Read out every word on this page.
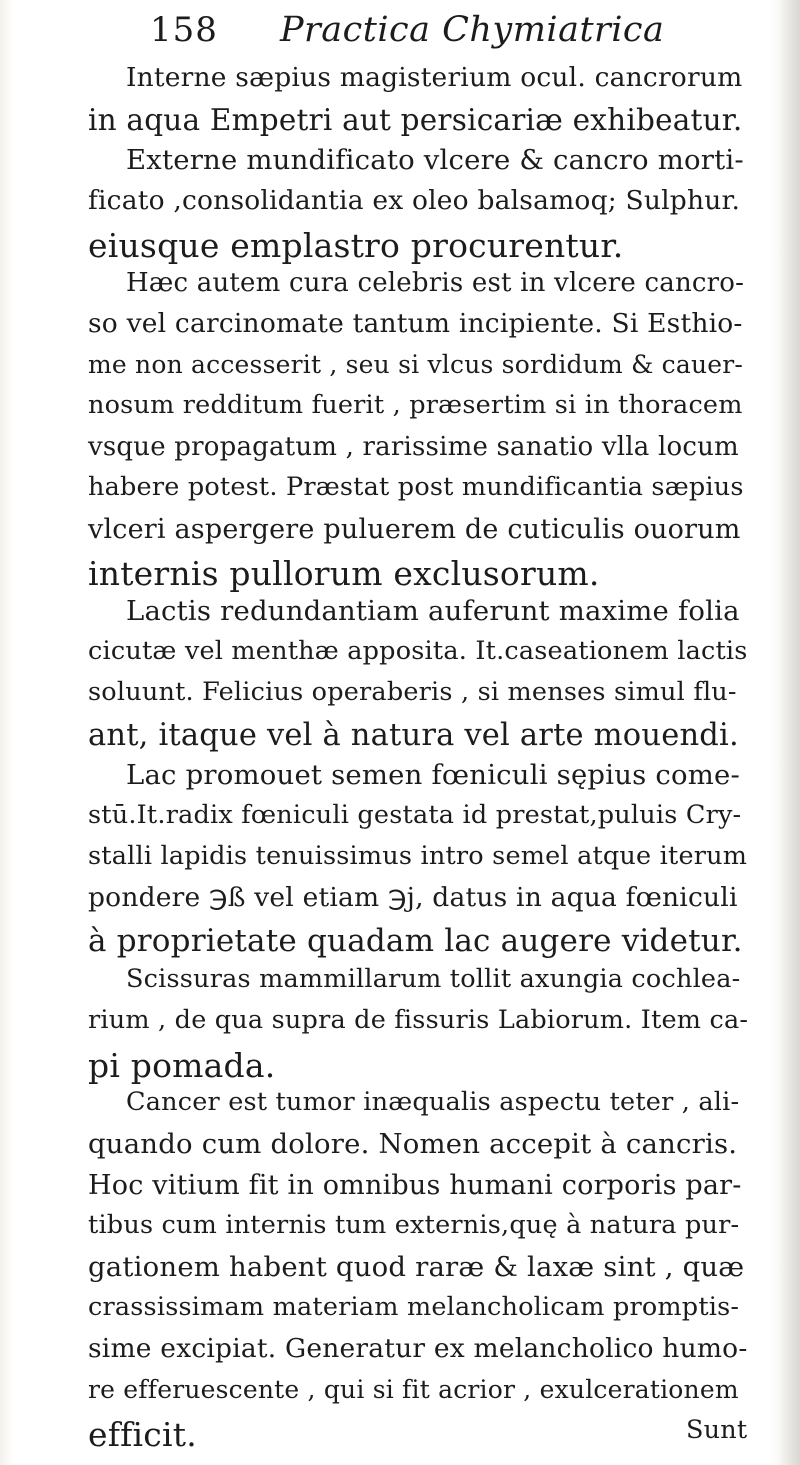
158 Practica Chymiatrica
Interne sæpius magisterium ocul. cancrorum
in aqua Empetri aut persicariæ exhibeatur.
Externe mundificato vlcere & cancro morti-
ficato ,consolidantia ex oleo balsamoq; Sulphur.
eiusque emplastro procurentur.
Hæc autem cura celebris est in vlcere cancro-
so vel carcinomate tantum incipiente. Si Esthio-
me non accesserit , seu si vlcus sordidum & cauer-
nosum redditum fuerit , præsertim si in thoracem
vsque propagatum , rarissime sanatio vlla locum
habere potest. Præstat post mundificantia sæpius
vlceri aspergere puluerem de cuticulis ouorum
internis pullorum exclusorum.
Lactis redundantiam auferunt maxime folia
cicutæ vel menthæ apposita. It.caseationem lactis
soluunt. Felicius operaberis , si menses simul flu-
ant, itaque vel à natura vel arte mouendi.
Lac promouet semen fœniculi sępius come-
stū.It.radix fœniculi gestata id prestat,puluis Cry-
stalli lapidis tenuissimus intro semel atque iterum
pondere ℈ß vel etiam ℈j, datus in aqua fœniculi
à proprietate quadam lac augere videtur.
Scissuras mammillarum tollit axungia cochlea-
rium , de qua supra de fissuris Labiorum. Item ca-
pi pomada.
Cancer est tumor inæqualis aspectu teter , ali-
quando cum dolore. Nomen accepit à cancris.
Hoc vitium fit in omnibus humani corporis par-
tibus cum internis tum externis,quę à natura pur-
gationem habent quod raræ & laxæ sint , quæ
crassissimam materiam melancholicam promptis-
sime excipiat. Generatur ex melancholico humo-
re efferuescente , qui si fit acrior , exulcerationem
efficit.	Sunt
